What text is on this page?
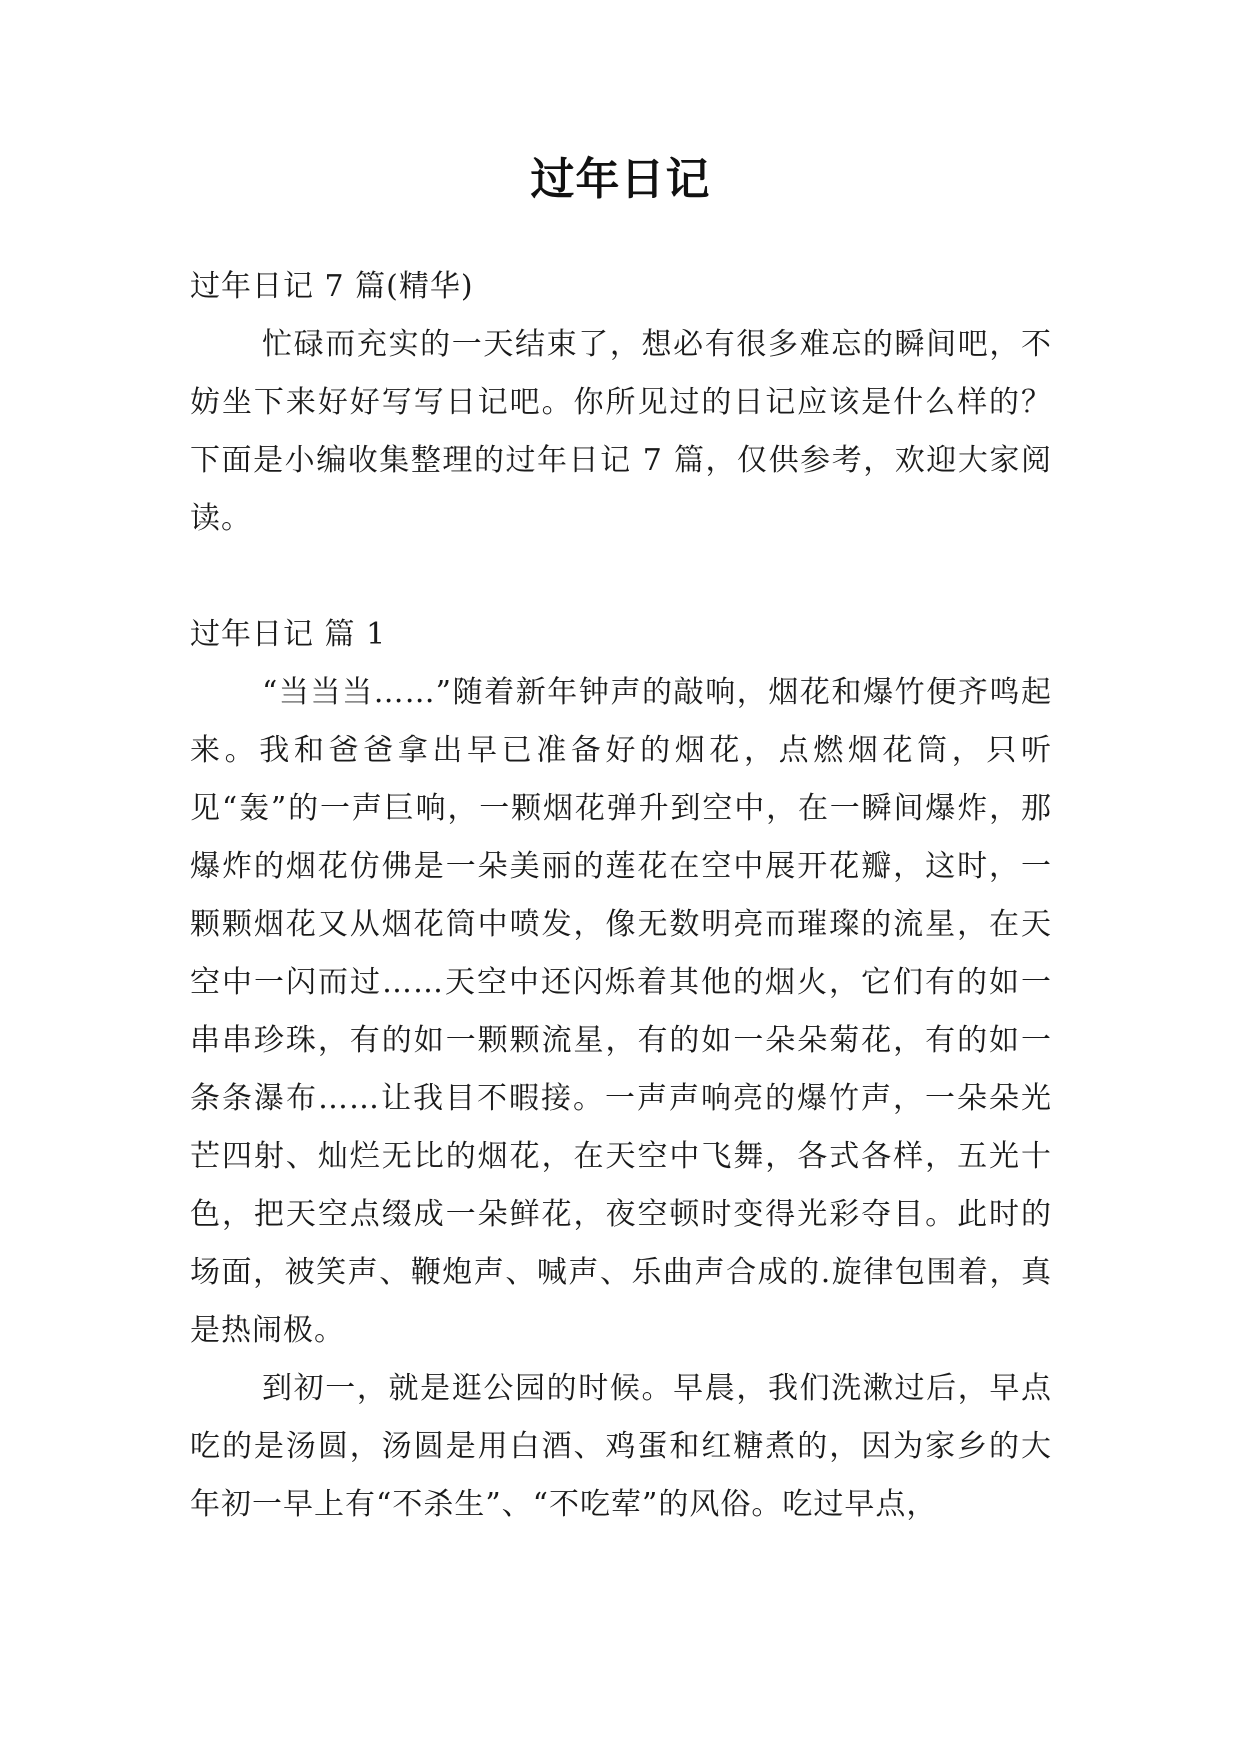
过年日记

过年日记 7 篇(精华)

忙碌而充实的一天结束了，想必有很多难忘的瞬间吧，不妨坐下来好好写写日记吧。你所见过的日记应该是什么样的？下面是小编收集整理的过年日记 7 篇，仅供参考，欢迎大家阅读。

过年日记 篇 1

“当当当……”随着新年钟声的敲响，烟花和爆竹便齐鸣起来。我和爸爸拿出早已准备好的烟花，点燃烟花筒，只听见“轰”的一声巨响，一颗烟花弹升到空中，在一瞬间爆炸，那爆炸的烟花仿佛是一朵美丽的莲花在空中展开花瓣，这时，一颗颗烟花又从烟花筒中喷发，像无数明亮而璀璨的流星，在天空中一闪而过……天空中还闪烁着其他的烟火，它们有的如一串串珍珠，有的如一颗颗流星，有的如一朵朵菊花，有的如一条条瀑布……让我目不暇接。一声声响亮的爆竹声，一朵朵光芒四射、灿烂无比的烟花，在天空中飞舞，各式各样，五光十色，把天空点缀成一朵鲜花，夜空顿时变得光彩夺目。此时的场面，被笑声、鞭炮声、喊声、乐曲声合成的.旋律包围着，真是热闹极。

到初一，就是逛公园的时候。早晨，我们洗漱过后，早点吃的是汤圆，汤圆是用白酒、鸡蛋和红糖煮的，因为家乡的大年初一早上有“不杀生”、“不吃荤”的风俗。吃过早点，
